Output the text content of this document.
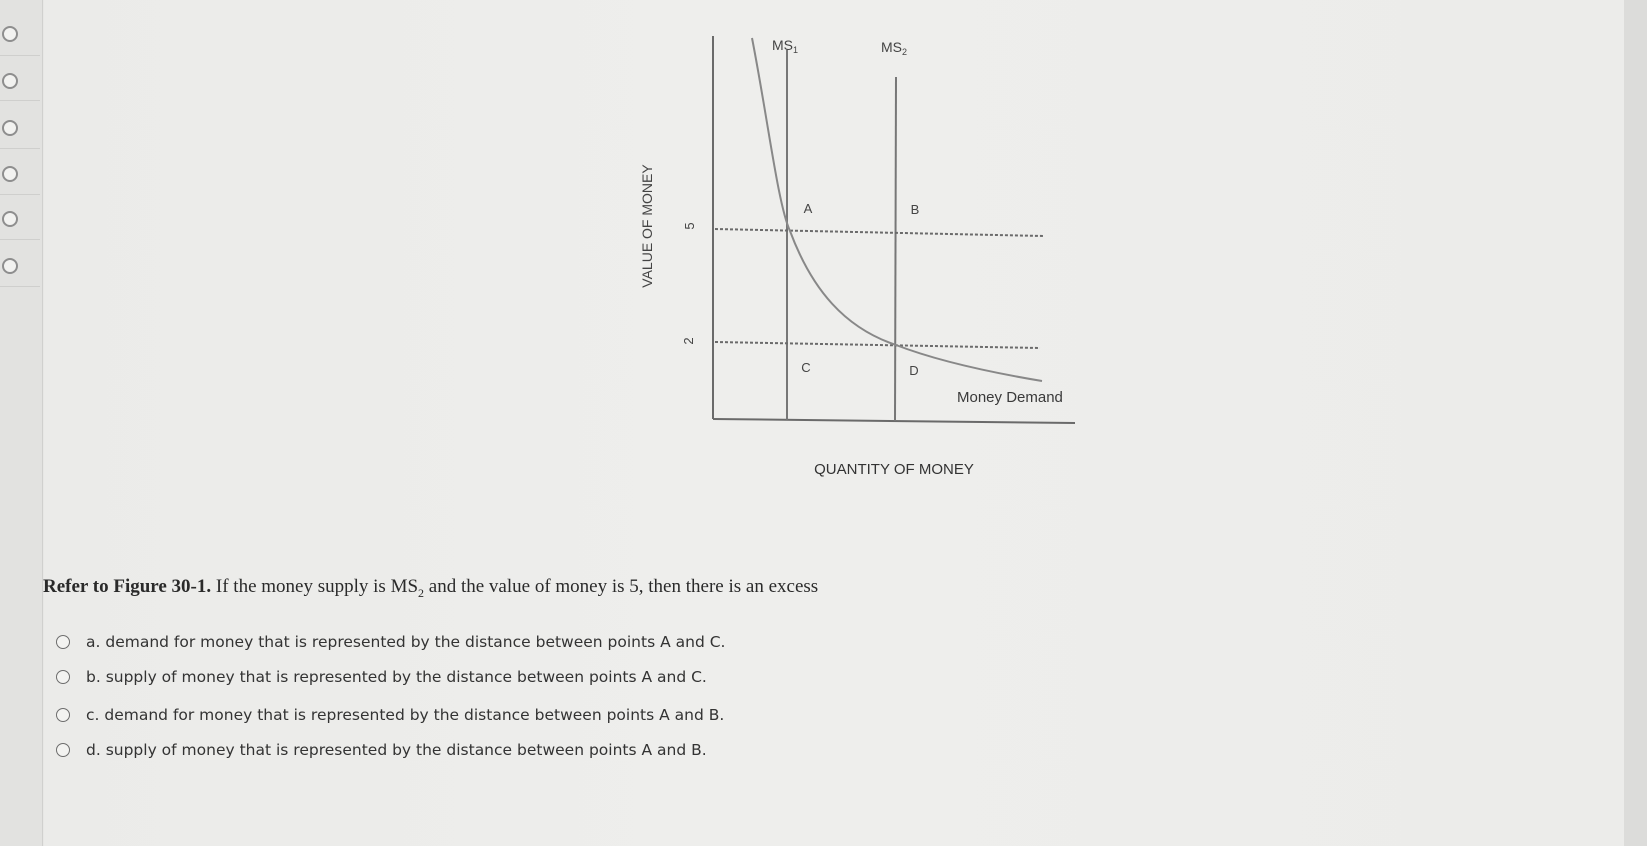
VALUE OF MONEY
QUANTITY OF MONEY
$MS_1$	$MS_2$
5
2
A	B
C	D
Money Demand
Refer to Figure 30-1. If the money supply is $MS_2$ and the value of money is 5, then there is an excess
a. demand for money that is represented by the distance between points A and C.
b. supply of money that is represented by the distance between points A and C.
c. demand for money that is represented by the distance between points A and B.
d. supply of money that is represented by the distance between points A and B.
